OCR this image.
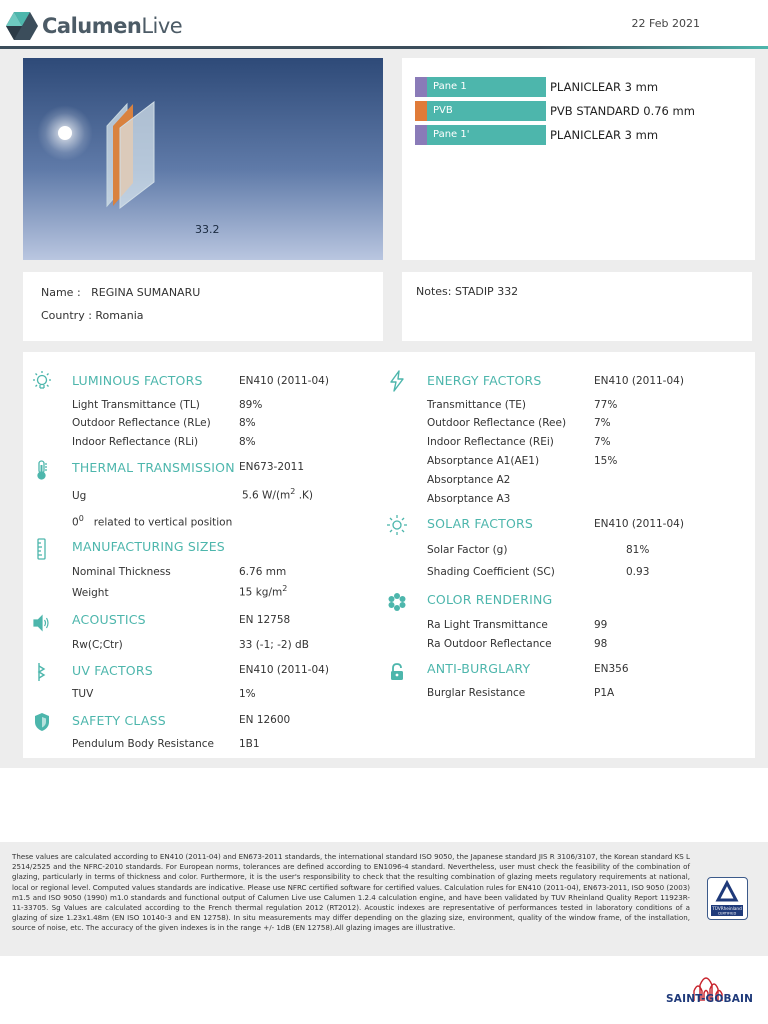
CalumenLive	22 Feb 2021
33.2
Pane 1	PLANICLEAR 3 mm
PVB	PVB STANDARD 0.76 mm
Pane 1'	PLANICLEAR 3 mm
Name : REGINA SUMANARU
Country : Romania
Notes: STADIP 332
LUMINOUS FACTORS	EN410 (2011-04)
Light Transmittance (TL)	89%
Outdoor Reflectance (RLe)	8%
Indoor Reflectance (RLi)	8%
THERMAL TRANSMISSION EN673-2011
Ug	5.6 $W/(m^2$ .K)
$0^0$ related to vertical position
MANUFACTURING SIZES
Nominal Thickness	6.76 mm
Weight	15 $kg/m^2$
ACOUSTICS	EN 12758
Rw(C;Ctr)	33 (-1; -2) dB
UV FACTORS	EN410 (2011-04)
TUV	1%
SAFETY CLASS	EN 12600
Pendulum Body Resistance 1B1
ENERGY FACTORS	EN410 (2011-04)
Transmittance (TE)	77%
Outdoor Reflectance (Ree)	7%
Indoor Reflectance (REi)	7%
Absorptance A1(AE1)	15%
Absorptance A2
Absorptance A3
SOLAR FACTORS	EN410 (2011-04)
Solar Factor (g)	81%
Shading Coefficient (SC)	0.93
COLOR RENDERING
Ra Light Transmittance	99
Ra Outdoor Reflectance	98
ANTI-BURGLARY	EN356
Burglar Resistance	P1A
These values are calculated according to EN410 (2011-04) and EN673-2011 standards, the international standard ISO 9050, the Japanese standard JIS R 3106/3107, the Korean standard KS L 2514/2525 and the NFRC-2010 standards. For European norms, tolerances are defined according to EN1096-4 standard. Nevertheless, user must check the feasibility of the combination of glazing, particularly in terms of thickness and color. Furthermore, it is the user's responsibility to check that the resulting combination of glazing meets regulatory requirements at national, local or regional level. Computed values standards are indicative. Please use NFRC certified software for certified values. Calculation rules for EN410 (2011-04), EN673-2011, ISO 9050 (2003) m1.5 and ISO 9050 (1990) m1.0 standards and functional output of Calumen Live use Calumen 1.2.4 calculation engine, and have been validated by TUV Rheinland Quality Report 11923R-11-33705. Sg Values are calculated according to the French thermal regulation 2012 (RT2012). Acoustic indexes are representative of performances tested in laboratory conditions of a glazing of size 1.23x1.48m (EN ISO 10140-3 and EN 12758). In situ measurements may differ depending on the glazing size, environment, quality of the window frame, of the installation, source of noise, etc. The accuracy of the given indexes is in the range +/- 1dB (EN 12758).All glazing images are illustrative.
TÜVRheinland
CERTIFIED
SAINT-GOBAIN
